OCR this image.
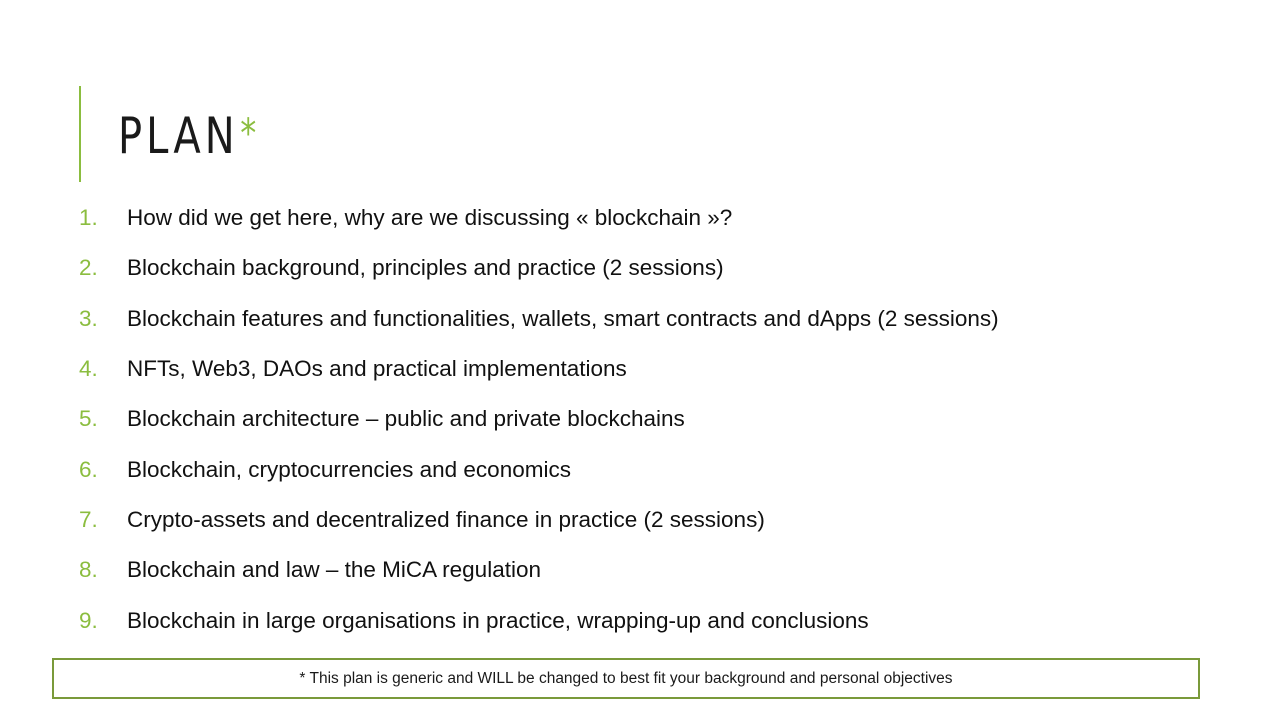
PLAN*
1.	How did we get here, why are we discussing « blockchain »?
2.	Blockchain background, principles and practice (2 sessions)
3.	Blockchain features and functionalities, wallets, smart contracts and dApps (2 sessions)
4.	NFTs, Web3, DAOs and practical implementations
5.	Blockchain architecture – public and private blockchains
6.	Blockchain, cryptocurrencies and economics
7.	Crypto-assets and decentralized finance in practice (2 sessions)
8.	Blockchain and law – the MiCA regulation
9.	Blockchain in large organisations in practice, wrapping-up and conclusions
* This plan is generic and WILL be changed to best fit your background and personal objectives
